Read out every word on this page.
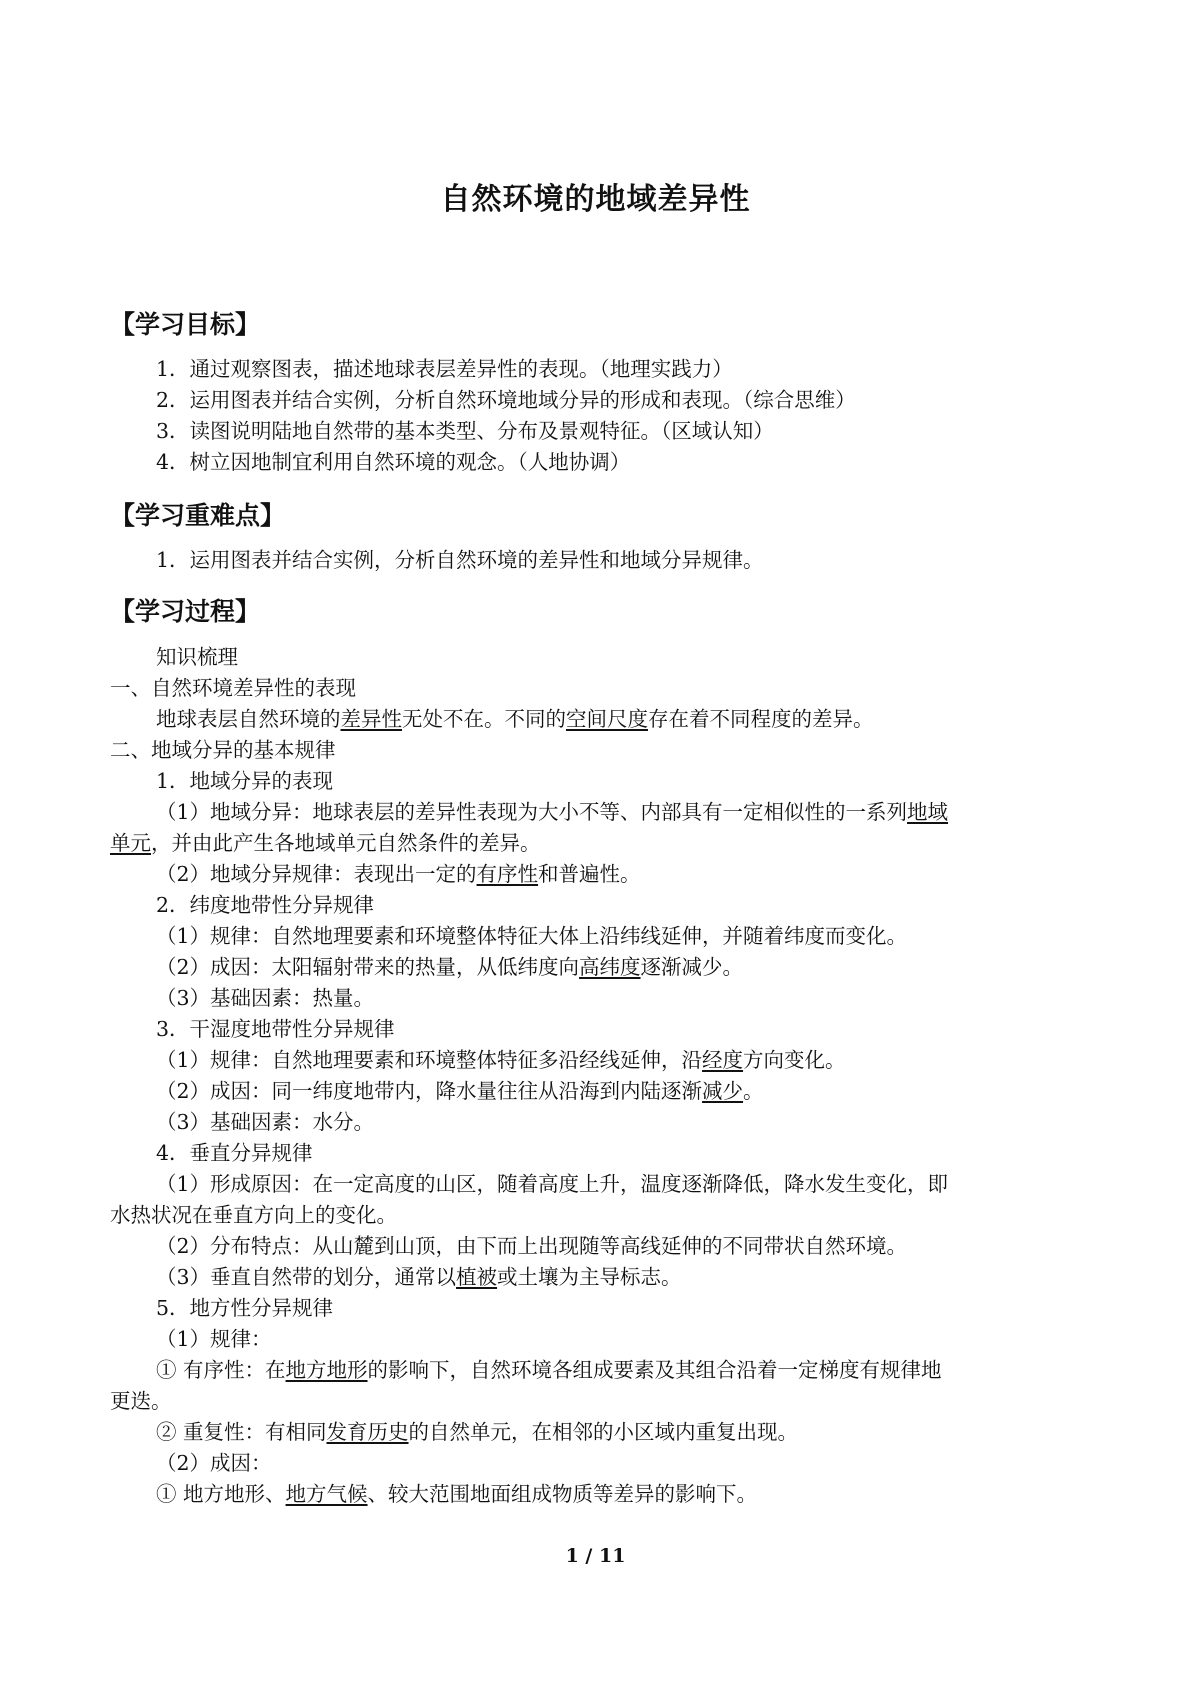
自然环境的地域差异性
【学习目标】
1．通过观察图表，描述地球表层差异性的表现。（地理实践力）
2．运用图表并结合实例，分析自然环境地域分异的形成和表现。（综合思维）
3．读图说明陆地自然带的基本类型、分布及景观特征。（区域认知）
4．树立因地制宜利用自然环境的观念。（人地协调）
【学习重难点】
1．运用图表并结合实例，分析自然环境的差异性和地域分异规律。
【学习过程】
知识梳理
一、自然环境差异性的表现
地球表层自然环境的差异性无处不在。不同的空间尺度存在着不同程度的差异。
二、地域分异的基本规律
1．地域分异的表现
（1）地域分异：地球表层的差异性表现为大小不等、内部具有一定相似性的一系列地域
单元，并由此产生各地域单元自然条件的差异。
（2）地域分异规律：表现出一定的有序性和普遍性。
2．纬度地带性分异规律
（1）规律：自然地理要素和环境整体特征大体上沿纬线延伸，并随着纬度而变化。
（2）成因：太阳辐射带来的热量，从低纬度向高纬度逐渐减少。
（3）基础因素：热量。
3．干湿度地带性分异规律
（1）规律：自然地理要素和环境整体特征多沿经线延伸，沿经度方向变化。
（2）成因：同一纬度地带内，降水量往往从沿海到内陆逐渐减少。
（3）基础因素：水分。
4．垂直分异规律
（1）形成原因：在一定高度的山区，随着高度上升，温度逐渐降低，降水发生变化，即
水热状况在垂直方向上的变化。
（2）分布特点：从山麓到山顶，由下而上出现随等高线延伸的不同带状自然环境。
（3）垂直自然带的划分，通常以植被或土壤为主导标志。
5．地方性分异规律
（1）规律：
① 有序性：在地方地形的影响下，自然环境各组成要素及其组合沿着一定梯度有规律地
更迭。
② 重复性：有相同发育历史的自然单元，在相邻的小区域内重复出现。
（2）成因：
① 地方地形、地方气候、较大范围地面组成物质等差异的影响下。
1 / 11
